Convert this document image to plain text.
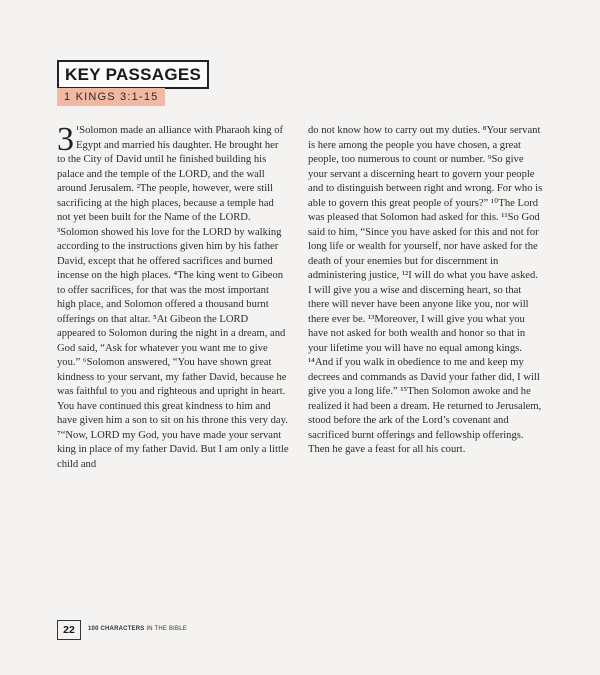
KEY PASSAGES
1 KINGS 3:1-15
3 ¹Solomon made an alliance with Pharaoh king of Egypt and married his daughter. He brought her to the City of David until he finished building his palace and the temple of the LORD, and the wall around Jerusalem. ²The people, however, were still sacrificing at the high places, because a temple had not yet been built for the Name of the LORD. ³Solomon showed his love for the LORD by walking according to the instructions given him by his father David, except that he offered sacrifices and burned incense on the high places. ⁴The king went to Gibeon to offer sacrifices, for that was the most important high place, and Solomon offered a thousand burnt offerings on that altar. ⁵At Gibeon the LORD appeared to Solomon during the night in a dream, and God said, “Ask for whatever you want me to give you.” ⁶Solomon answered, “You have shown great kindness to your servant, my father David, because he was faithful to you and righteous and upright in heart. You have continued this great kindness to him and have given him a son to sit on his throne this very day. ⁷“Now, LORD my God, you have made your servant king in place of my father David. But I am only a little child and
do not know how to carry out my duties. ⁸Your servant is here among the people you have chosen, a great people, too numerous to count or number. ⁹So give your servant a discerning heart to govern your people and to distinguish between right and wrong. For who is able to govern this great people of yours?” ¹⁰The Lord was pleased that Solomon had asked for this. ¹¹So God said to him, “Since you have asked for this and not for long life or wealth for yourself, nor have asked for the death of your enemies but for discernment in administering justice, ¹²I will do what you have asked. I will give you a wise and discerning heart, so that there will never have been anyone like you, nor will there ever be. ¹³Moreover, I will give you what you have not asked for both wealth and honor so that in your lifetime you will have no equal among kings. ¹⁴And if you walk in obedience to me and keep my decrees and commands as David your father did, I will give you a long life.” ¹⁵Then Solomon awoke and he realized it had been a dream. He returned to Jerusalem, stood before the ark of the Lord’s covenant and sacrificed burnt offerings and fellowship offerings. Then he gave a feast for all his court.
22	100 CHARACTERS IN THE BIBLE
